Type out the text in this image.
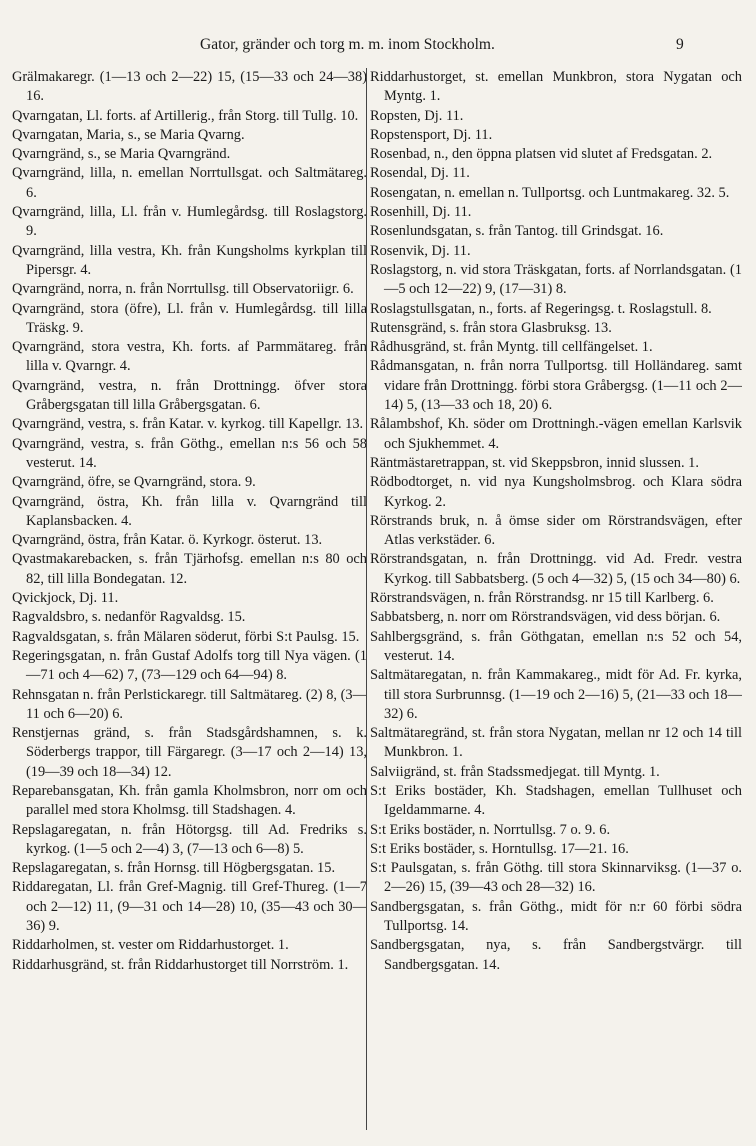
Gator, gränder och torg m. m. inom Stockholm.	9

Grälmakaregr. (1—13 och 2—22) 15, (15—33 och 24—38) 16.

Qvarngatan, Ll. forts. af Artillerig., från Storg. till Tullg. 10.

Qvarngatan, Maria, s., se Maria Qvarng.

Qvarngränd, s., se Maria Qvarngränd.

Qvarngränd, lilla, n. emellan Norrtullsgat. och Saltmätareg. 6.

Qvarngränd, lilla, Ll. från v. Humlegårdsg. till Roslagstorg. 9.

Qvarngränd, lilla vestra, Kh. från Kungsholms kyrkplan till Pipersgr. 4.

Qvarngränd, norra, n. från Norrtullsg. till Observatoriigr. 6.

Qvarngränd, stora (öfre), Ll. från v. Humlegårdsg. till lilla Träskg. 9.

Qvarngränd, stora vestra, Kh. forts. af Parmmätareg. från lilla v. Qvarngr. 4.

Qvarngränd, vestra, n. från Drottningg. öfver stora Gråbergsgatan till lilla Gråbergsgatan. 6.

Qvarngränd, vestra, s. från Katar. v. kyrkog. till Kapellgr. 13.

Qvarngränd, vestra, s. från Göthg., emellan n:s 56 och 58 vesterut. 14.

Qvarngränd, öfre, se Qvarngränd, stora. 9.

Qvarngränd, östra, Kh. från lilla v. Qvarngränd till Kaplansbacken. 4.

Qvarngränd, östra, från Katar. ö. Kyrkogr. österut. 13.

Qvastmakarebacken, s. från Tjärhofsg. emellan n:s 80 och 82, till lilla Bondegatan. 12.

Qvickjock, Dj. 11.

Ragvaldsbro, s. nedanför Ragvaldsg. 15.

Ragvaldsgatan, s. från Mälaren söderut, förbi S:t Paulsg. 15.

Regeringsgatan, n. från Gustaf Adolfs torg till Nya vägen. (1—71 och 4—62) 7, (73—129 och 64—94) 8.

Rehnsgatan n. från Perlstickaregr. till Saltmätareg. (2) 8, (3—11 och 6—20) 6.

Renstjernas gränd, s. från Stadsgårdshamnen, s. k. Söderbergs trappor, till Färgaregr. (3—17 och 2—14) 13, (19—39 och 18—34) 12.

Reparebansgatan, Kh. från gamla Kholmsbron, norr om och parallel med stora Kholmsg. till Stadshagen. 4.

Repslagaregatan, n. från Hötorgsg. till Ad. Fredriks s. kyrkog. (1—5 och 2—4) 3, (7—13 och 6—8) 5.

Repslagaregatan, s. från Hornsg. till Högbergsgatan. 15.

Riddaregatan, Ll. från Gref-Magnig. till Gref-Thureg. (1—7 och 2—12) 11, (9—31 och 14—28) 10, (35—43 och 30—36) 9.

Riddarholmen, st. vester om Riddarhustorget. 1.

Riddarhusgränd, st. från Riddarhustorget till Norrström. 1.

Riddarhustorget, st. emellan Munkbron, stora Nygatan och Myntg. 1.

Ropsten, Dj. 11.

Ropstensport, Dj. 11.

Rosenbad, n., den öppna platsen vid slutet af Fredsgatan. 2.

Rosendal, Dj. 11.

Rosengatan, n. emellan n. Tullportsg. och Luntmakareg. 32. 5.

Rosenhill, Dj. 11.

Rosenlundsgatan, s. från Tantog. till Grindsgat. 16.

Rosenvik, Dj. 11.

Roslagstorg, n. vid stora Träskgatan, forts. af Norrlandsgatan. (1—5 och 12—22) 9, (17—31) 8.

Roslagstullsgatan, n., forts. af Regeringsg. t. Roslagstull. 8.

Rutensgränd, s. från stora Glasbruksg. 13.

Rådhusgränd, st. från Myntg. till cellfängelset. 1.

Rådmansgatan, n. från norra Tullportsg. till Holländareg. samt vidare från Drottningg. förbi stora Gråbergsg. (1—11 och 2—14) 5, (13—33 och 18, 20) 6.

Rålambshof, Kh. söder om Drottningh.-vägen emellan Karlsvik och Sjukhemmet. 4.

Räntmästaretrappan, st. vid Skeppsbron, innid slussen. 1.

Rödbodtorget, n. vid nya Kungsholmsbrog. och Klara södra Kyrkog. 2.

Rörstrands bruk, n. å ömse sider om Rörstrandsvägen, efter Atlas verkstäder. 6.

Rörstrandsgatan, n. från Drottningg. vid Ad. Fredr. vestra Kyrkog. till Sabbatsberg. (5 och 4—32) 5, (15 och 34—80) 6.

Rörstrandsvägen, n. från Rörstrandsg. nr 15 till Karlberg. 6.

Sabbatsberg, n. norr om Rörstrandsvägen, vid dess början. 6.

Sahlbergsgränd, s. från Göthgatan, emellan n:s 52 och 54, vesterut. 14.

Saltmätaregatan, n. från Kammakareg., midt för Ad. Fr. kyrka, till stora Surbrunnsg. (1—19 och 2—16) 5, (21—33 och 18—32) 6.

Saltmätaregränd, st. från stora Nygatan, mellan nr 12 och 14 till Munkbron. 1.

Salviigränd, st. från Stadssmedjegat. till Myntg. 1.

S:t Eriks bostäder, Kh. Stadshagen, emellan Tullhuset och Igeldammarne. 4.

S:t Eriks bostäder, n. Norrtullsg. 7 o. 9. 6.

S:t Eriks bostäder, s. Horntullsg. 17—21. 16.

S:t Paulsgatan, s. från Göthg. till stora Skinnarviksg. (1—37 o. 2—26) 15, (39—43 och 28—32) 16.

Sandbergsgatan, s. från Göthg., midt för n:r 60 förbi södra Tullportsg. 14.

Sandbergsgatan, nya, s. från Sandbergstvärgr. till Sandbergsgatan. 14.
